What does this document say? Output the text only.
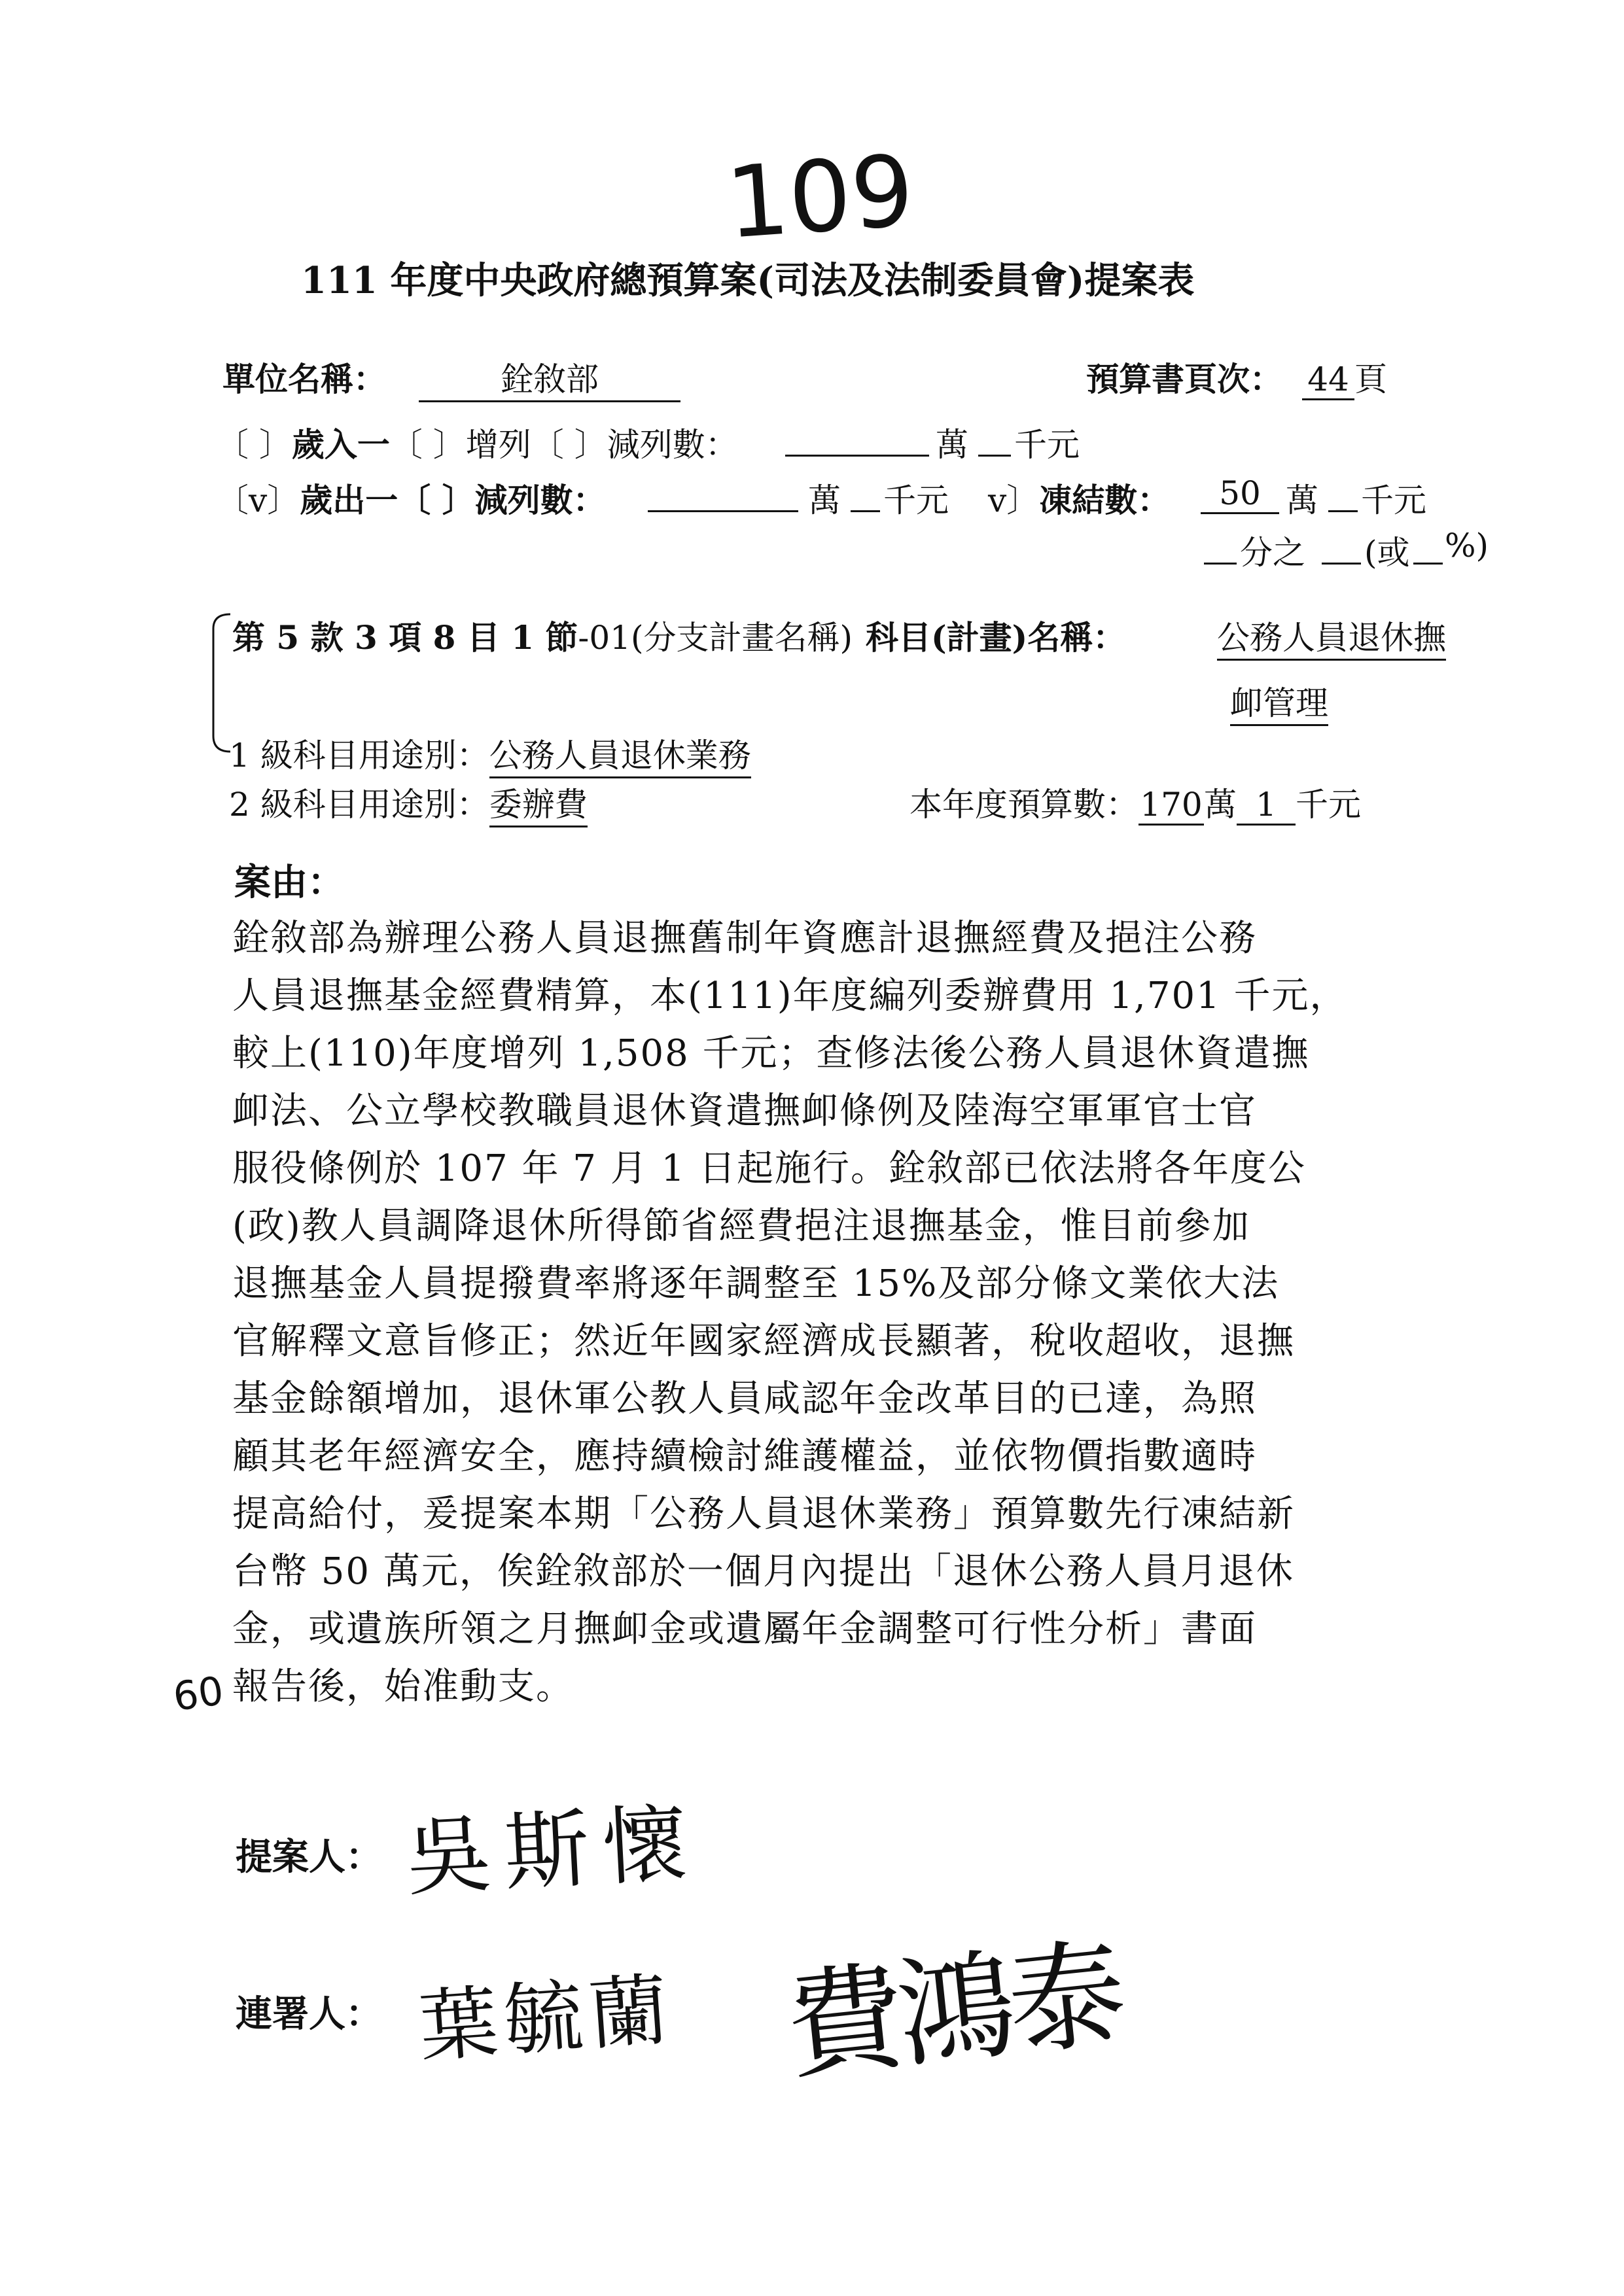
109
111 年度中央政府總預算案(司法及法制委員會)提案表
單位名稱：	銓敘部	預算書頁次： 44 頁
〔 〕歲入一〔 〕增列〔 〕減列數：	萬 千元
〔v〕歲出一〔 〕減列數：	萬 千元 v〕凍結數：	50 萬 千元
分之 (或 %)
第 5 款 3 項 8 目 1 節-01(分支計畫名稱) 科目(計畫)名稱：	公務人員退休撫
卹管理
1 級科目用途別：公務人員退休業務
2 級科目用途別：委辦費	本年度預算數：170萬 1 千元
案由：
銓敘部為辦理公務人員退撫舊制年資應計退撫經費及挹注公務
人員退撫基金經費精算，本(111)年度編列委辦費用 1,701 千元，
較上(110)年度增列 1,508 千元；查修法後公務人員退休資遣撫
卹法、公立學校教職員退休資遣撫卹條例及陸海空軍軍官士官
服役條例於 107 年 7 月 1 日起施行。銓敘部已依法將各年度公
(政)教人員調降退休所得節省經費挹注退撫基金，惟目前參加
退撫基金人員提撥費率將逐年調整至 15%及部分條文業依大法
官解釋文意旨修正；然近年國家經濟成長顯著，稅收超收，退撫
基金餘額增加，退休軍公教人員咸認年金改革目的已達，為照
顧其老年經濟安全，應持續檢討維護權益，並依物價指數適時
提高給付，爰提案本期「公務人員退休業務」預算數先行凍結新
台幣 50 萬元，俟銓敘部於一個月內提出「退休公務人員月退休
金，或遺族所領之月撫卹金或遺屬年金調整可行性分析」書面
報告後，始准動支。
60
提案人： 吳斯懷
連署人： 葉毓蘭 費鴻泰
